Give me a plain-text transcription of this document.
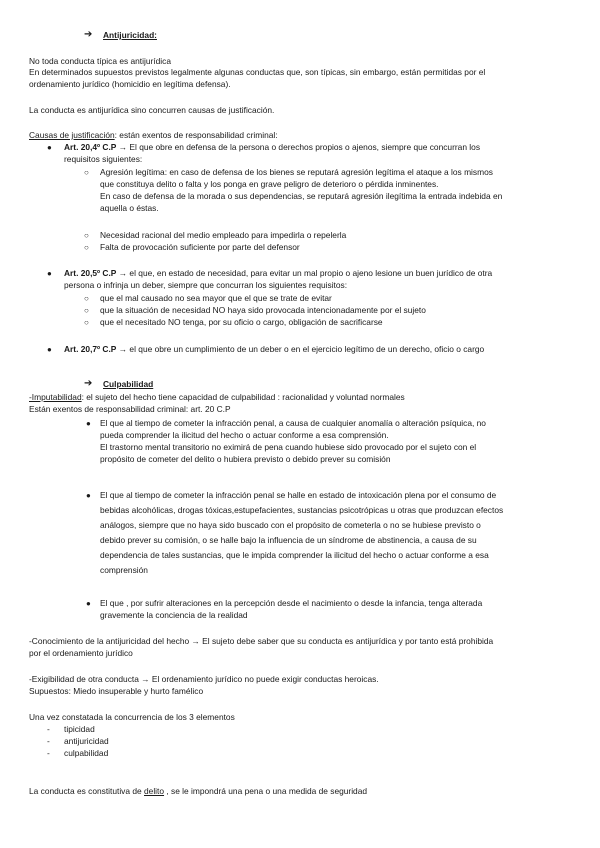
➔ Antijuricidad:
No toda conducta típica es antijurídica
En determinados supuestos previstos legalmente algunas conductas que, son típicas, sin embargo, están permitidas por el
ordenamiento jurídico (homicidio en legítima defensa).
La conducta es antijurídica sino concurren causas de justificación.
Causas de justificación: están exentos de responsabilidad criminal:
● Art. 20,4º C.P → El que obre en defensa de la persona o derechos propios o ajenos, siempre que concurran los
requisitos siguientes:
○ Agresión legítima: en caso de defensa de los bienes se reputará agresión legítima el ataque a los mismos
que constituya delito o falta y los ponga en grave peligro de deterioro o pérdida inminentes.
En caso de defensa de la morada o sus dependencias, se reputará agresión ilegítima la entrada indebida en
aquella o éstas.
○ Necesidad racional del medio empleado para impedirla o repelerla
○ Falta de provocación suficiente por parte del defensor
● Art. 20,5º C.P → el que, en estado de necesidad, para evitar un mal propio o ajeno lesione un buen jurídico de otra
persona o infrinja un deber, siempre que concurran los siguientes requisitos:
○ que el mal causado no sea mayor que el que se trate de evitar
○ que la situación de necesidad NO haya sido provocada intencionadamente por el sujeto
○ que el necesitado NO tenga, por su oficio o cargo, obligación de sacrificarse
● Art. 20,7º C.P → el que obre un cumplimiento de un deber o en el ejercicio legítimo de un derecho, oficio o cargo
➔ Culpabilidad
-Imputabilidad: el sujeto del hecho tiene capacidad de culpabilidad : racionalidad y voluntad normales
Están exentos de responsabilidad criminal: art. 20 C.P
● El que al tiempo de cometer la infracción penal, a causa de cualquier anomalía o alteración psíquica, no
pueda comprender la ilicitud del hecho o actuar conforme a esa comprensión.
El trastorno mental transitorio no eximirá de pena cuando hubiese sido provocado por el sujeto con el
propósito de cometer del delito o hubiera previsto o debido prever su comisión
● El que al tiempo de cometer la infracción penal se halle en estado de intoxicación plena por el consumo de
bebidas alcohólicas, drogas tóxicas,estupefacientes, sustancias psicotrópicas u otras que produzcan efectos
análogos, siempre que no haya sido buscado con el propósito de cometerla o no se hubiese previsto o
debido prever su comisión, o se halle bajo la influencia de un síndrome de abstinencia, a causa de su
dependencia de tales sustancias, que le impida comprender la ilicitud del hecho o actuar conforme a esa
comprensión
● El que , por sufrir alteraciones en la percepción desde el nacimiento o desde la infancia, tenga alterada
gravemente la conciencia de la realidad
-Conocimiento de la antijuricidad del hecho → El sujeto debe saber que su conducta es antijurídica y por tanto está prohibida
por el ordenamiento jurídico
-Exigibilidad de otra conducta → El ordenamiento jurídico no puede exigir conductas heroicas.
Supuestos: Miedo insuperable y hurto famélico
Una vez constatada la concurrencia de los 3 elementos
- tipicidad
- antijuricidad
- culpabilidad
La conducta es constitutiva de delito , se le impondrá una pena o una medida de seguridad
